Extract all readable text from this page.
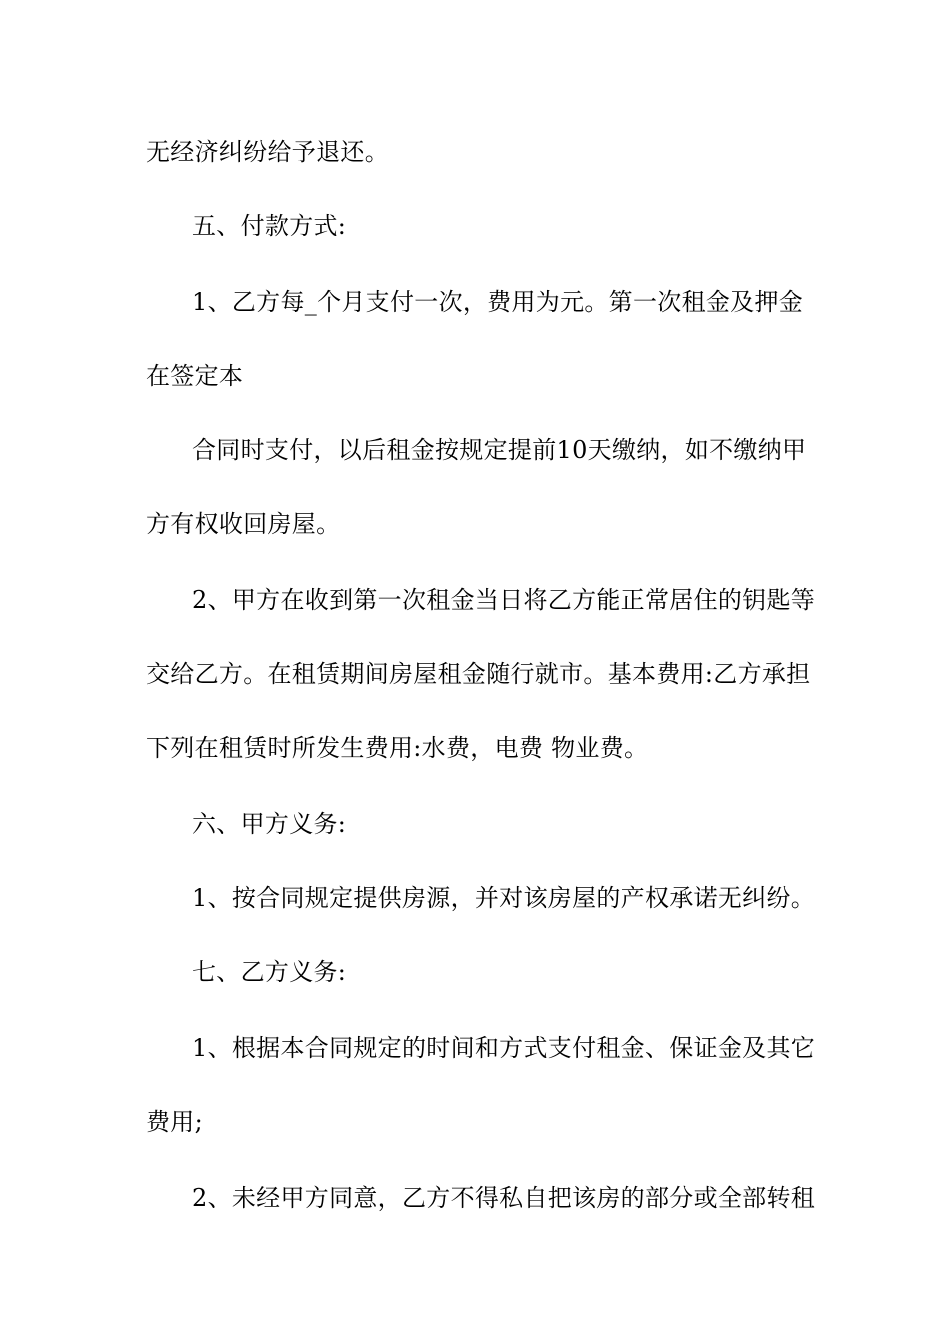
无经济纠纷给予退还。
五、付款方式:
1、乙方每_个月支付一次，费用为元。第一次租金及押金
在签定本
合同时支付，以后租金按规定提前10天缴纳，如不缴纳甲
方有权收回房屋。
2、甲方在收到第一次租金当日将乙方能正常居住的钥匙等
交给乙方。在租赁期间房屋租金随行就市。基本费用:乙方承担
下列在租赁时所发生费用:水费，电费 物业费。
六、甲方义务:
1、按合同规定提供房源，并对该房屋的产权承诺无纠纷。
七、乙方义务:
1、根据本合同规定的时间和方式支付租金、保证金及其它
费用;
2、未经甲方同意，乙方不得私自把该房的部分或全部转租
